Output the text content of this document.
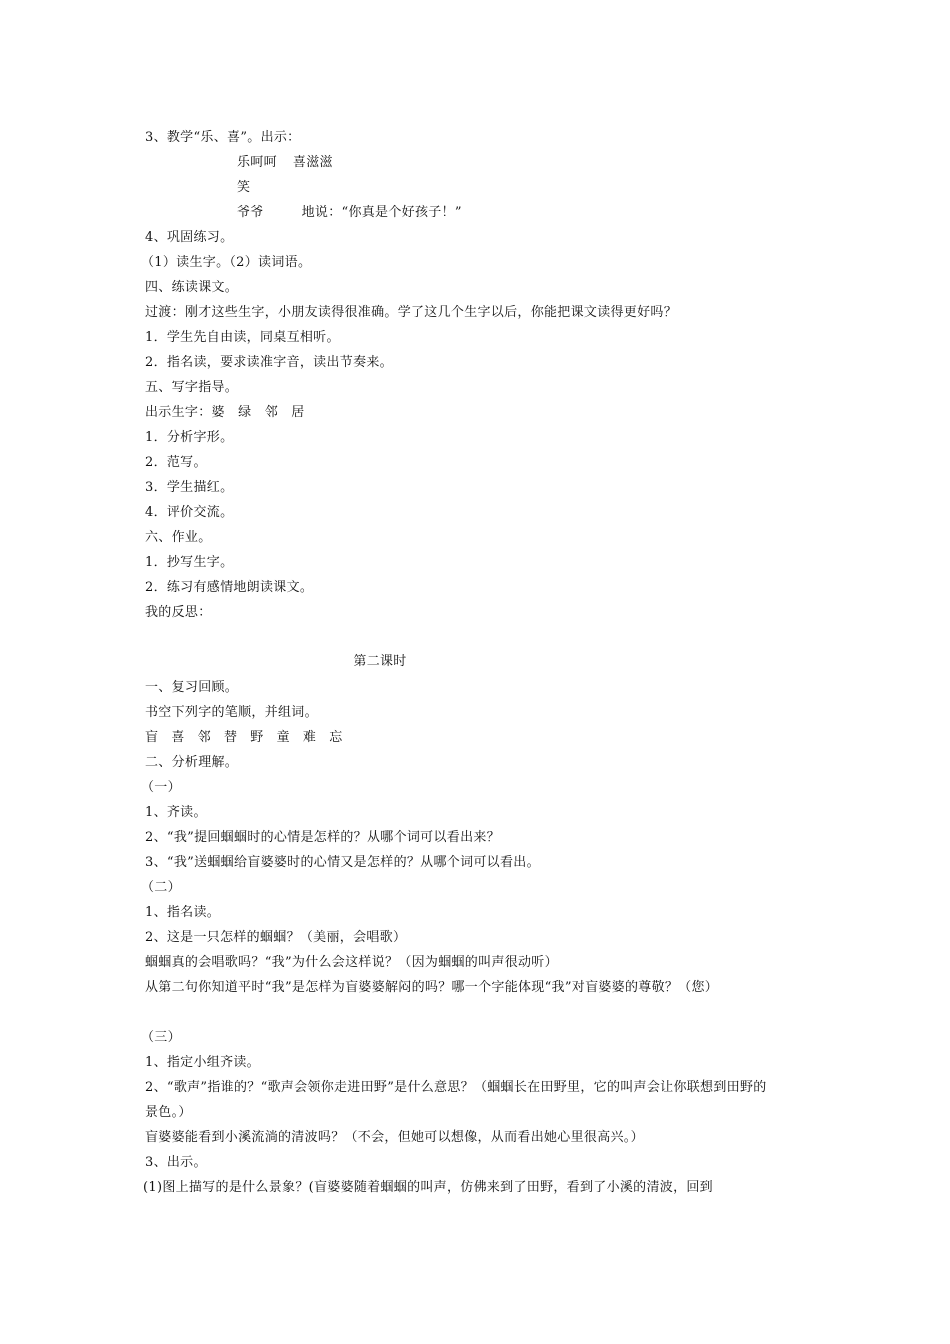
3、教学“乐、喜”。出示：
乐呵呵 喜滋滋
笑
爷爷	地说：“你真是个好孩子！”
4、巩固练习。
（1）读生字。（2）读词语。
四、练读课文。
过渡：刚才这些生字，小朋友读得很准确。学了这几个生字以后，你能把课文读得更好吗？
1．学生先自由读，同桌互相听。
2．指名读，要求读准字音，读出节奏来。
五、写字指导。
出示生字：婆　绿　邻　居
1．分析字形。
2．范写。
3．学生描红。
4．评价交流。
六、作业。
1．抄写生字。
2．练习有感情地朗读课文。
我的反思：
第二课时
一、复习回顾。
书空下列字的笔顺，并组词。
盲 喜 邻 替 野 童 难 忘
二、分析理解。
（一）
1、齐读。
2、“我”提回蝈蝈时的心情是怎样的？从哪个词可以看出来？
3、“我”送蝈蝈给盲婆婆时的心情又是怎样的？从哪个词可以看出。
（二）
1、指名读。
2、这是一只怎样的蝈蝈？（美丽，会唱歌）
蝈蝈真的会唱歌吗？“我”为什么会这样说？（因为蝈蝈的叫声很动听）
从第二句你知道平时“我”是怎样为盲婆婆解闷的吗？哪一个字能体现“我”对盲婆婆的尊敬？（您）
（三）
1、指定小组齐读。
2、“歌声”指谁的？“歌声会领你走进田野”是什么意思？（蝈蝈长在田野里，它的叫声会让你联想到田野的景色。）
盲婆婆能看到小溪流淌的清波吗？（不会，但她可以想像，从而看出她心里很高兴。）
3、出示。
(1)图上描写的是什么景象？(盲婆婆随着蝈蝈的叫声，仿佛来到了田野，看到了小溪的清波，回到
